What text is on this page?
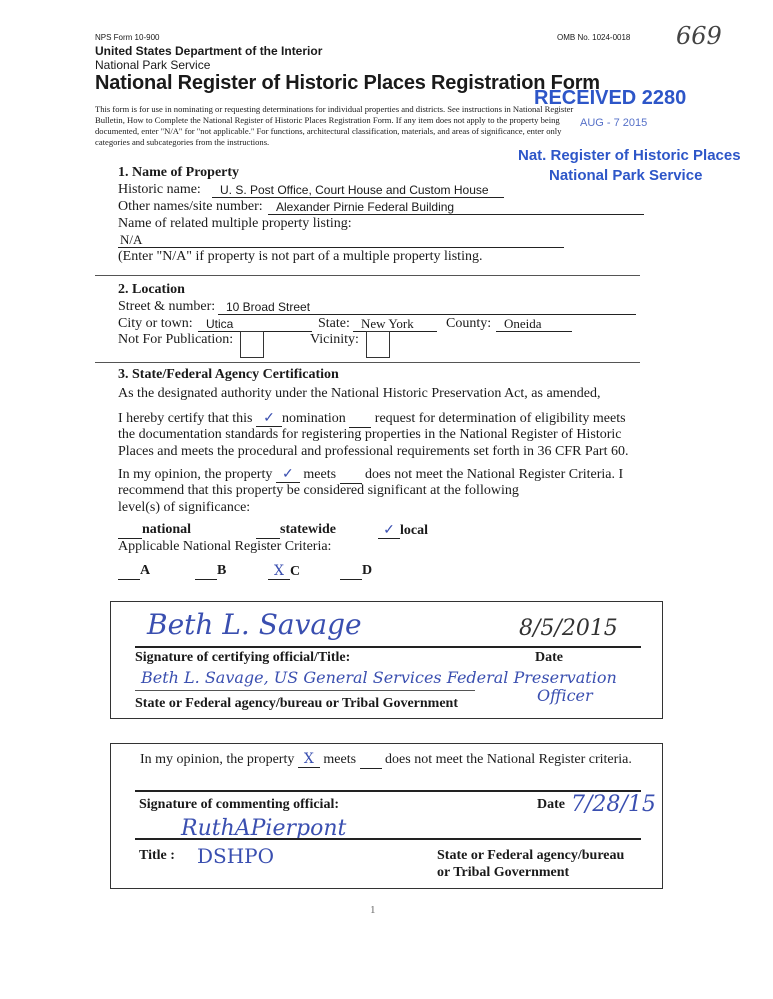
NPS Form 10-900	OMB No. 1024-0018 669
United States Department of the Interior
National Park Service
National Register of Historic Places Registration Form
This form is for use in nominating or requesting determinations for individual properties and districts. See instructions in National Register
Bulletin, How to Complete the National Register of Historic Places Registration Form. If any item does not apply to the property being
documented, enter "N/A" for "not applicable." For functions, architectural classification, materials, and areas of significance, enter only
categories and subcategories from the instructions.
RECEIVED 2280
AUG - 7 2015
Nat. Register of Historic Places
National Park Service
1. Name of Property
Historic name:	U. S. Post Office, Court House and Custom House
Other names/site number:	Alexander Pirnie Federal Building
Name of related multiple property listing:
N/A
(Enter "N/A" if property is not part of a multiple property listing.
2. Location
Street & number: 10 Broad Street
City or town:	Utica	State: New York	County: Oneida
Not For Publication:	Vicinity:
3. State/Federal Agency Certification
As the designated authority under the National Historic Preservation Act, as amended,
I hereby certify that this ✓ nomination request for determination of eligibility meets
the documentation standards for registering properties in the National Register of Historic
Places and meets the procedural and professional requirements set forth in 36 CFR Part 60.
In my opinion, the property ✓ meets does not meet the National Register Criteria. I
recommend that this property be considered significant at the following
level(s) of significance:
national	statewide	✓ local
Applicable National Register Criteria:
A	B	X C	D
Beth L. Savage	8/5/2015
Signature of certifying official/Title:	Date
Beth L. Savage, US General Services Federal Preservation
Officer
State or Federal agency/bureau or Tribal Government
In my opinion, the property X meets does not meet the National Register criteria.
Signature of commenting official:	Date 7/28/15
RuthAPierpont
Title : DSHPO	State or Federal agency/bureau
or Tribal Government
1
